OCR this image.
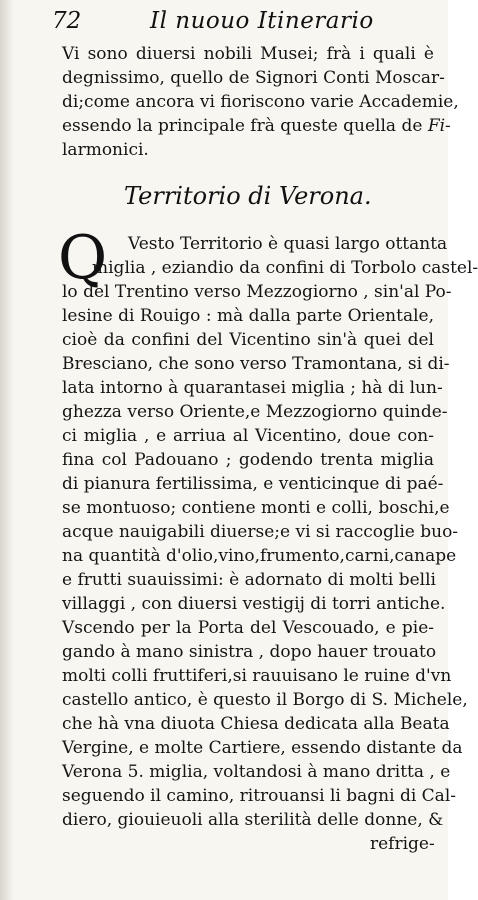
72	Il nuouo Itinerario
Vi sono diuersi nobili Musei; frà i quali è
degnissimo, quello de Signori Conti Moscar-
di;come ancora vi fioriscono varie Accademie,
essendo la principale frà queste quella de Fi-
larmonici.
Territorio di Verona.
Q Vesto Territorio è quasi largo ottanta
miglia , eziandio da confini di Torbolo castel-
lo del Trentino verso Mezzogiorno , sin'al Po-
lesine di Rouigo : mà dalla parte Orientale,
cioè da confini del Vicentino sin'à quei del
Bresciano, che sono verso Tramontana, si di-
lata intorno à quarantasei miglia ; hà di lun-
ghezza verso Oriente,e Mezzogiorno quinde-
ci miglia , e arriua al Vicentino, doue con-
fina col Padouano ; godendo trenta miglia
di pianura fertilissima, e venticinque di paé-
se montuoso; contiene monti e colli, boschi,e
acque nauigabili diuerse;e vi si raccoglie buo-
na quantità d'olio,vino,frumento,carni,canape
e frutti suauissimi: è adornato di molti belli
villaggi , con diuersi vestigij di torri antiche.
Vscendo per la Porta del Vescouado, e pie-
gando à mano sinistra , dopo hauer trouato
molti colli fruttiferi,si rauuisano le ruine d'vn
castello antico, è questo il Borgo di S. Michele,
che hà vna diuota Chiesa dedicata alla Beata
Vergine, e molte Cartiere, essendo distante da
Verona 5. miglia, voltandosi à mano dritta , e
seguendo il camino, ritrouansi li bagni di Cal-
diero, giouieuoli alla sterilità delle donne, &
refrige-
